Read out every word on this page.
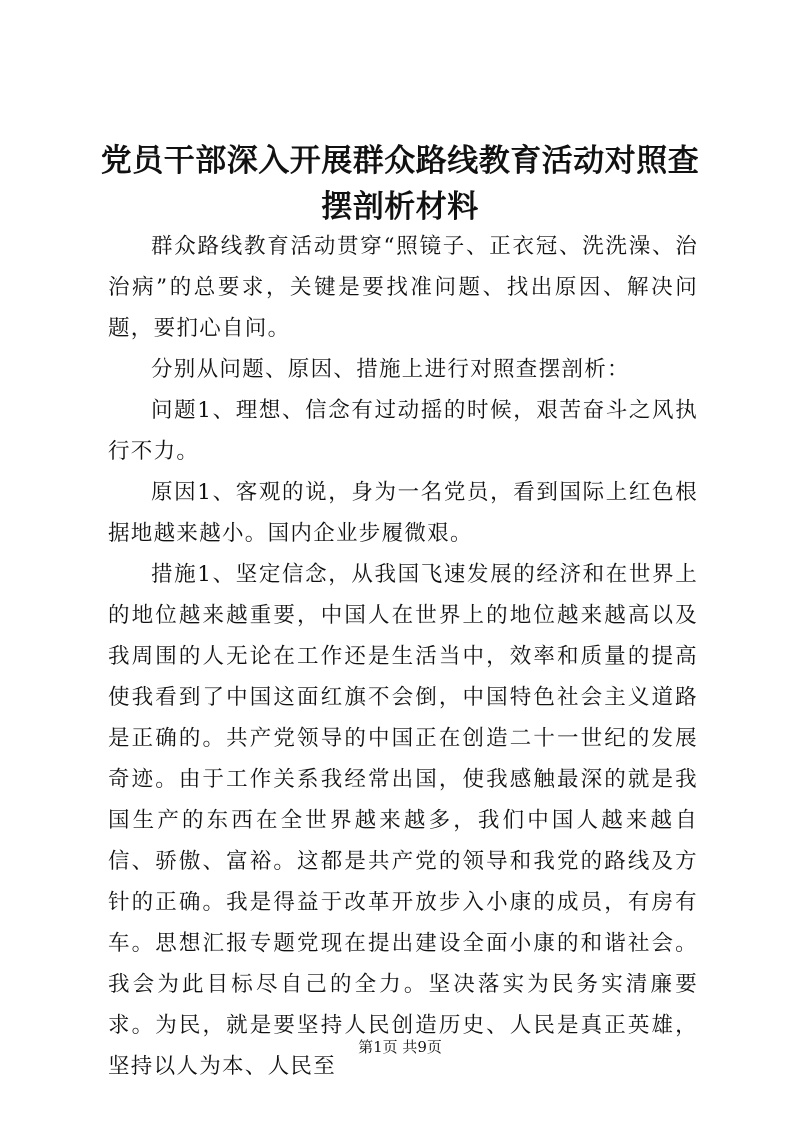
党员干部深入开展群众路线教育活动对照查摆剖析材料

群众路线教育活动贯穿“照镜子、正衣冠、洗洗澡、治治病”的总要求，关键是要找准问题、找出原因、解决问题，要扪心自问。

分别从问题、原因、措施上进行对照查摆剖析：

问题1、理想、信念有过动摇的时候，艰苦奋斗之风执行不力。

原因1、客观的说，身为一名党员，看到国际上红色根据地越来越小。国内企业步履微艰。

措施1、坚定信念，从我国飞速发展的经济和在世界上的地位越来越重要，中国人在世界上的地位越来越高以及我周围的人无论在工作还是生活当中，效率和质量的提高使我看到了中国这面红旗不会倒，中国特色社会主义道路是正确的。共产党领导的中国正在创造二十一世纪的发展奇迹。由于工作关系我经常出国，使我感触最深的就是我国生产的东西在全世界越来越多，我们中国人越来越自信、骄傲、富裕。这都是共产党的领导和我党的路线及方针的正确。我是得益于改革开放步入小康的成员，有房有车。思想汇报专题党现在提出建设全面小康的和谐社会。我会为此目标尽自己的全力。坚决落实为民务实清廉要求。为民，就是要坚持人民创造历史、人民是真正英雄，坚持以人为本、人民至

第1页 共9页
